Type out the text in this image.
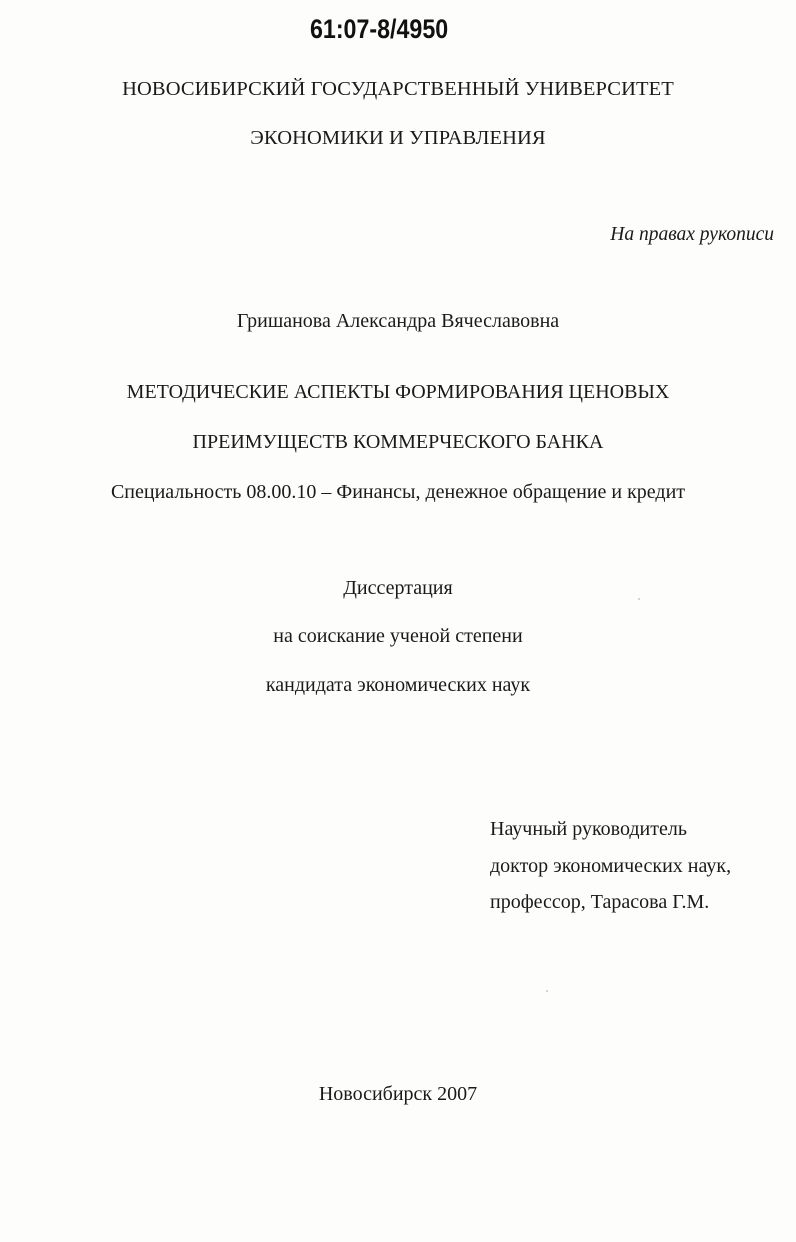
61:07-8/4950
НОВОСИБИРСКИЙ ГОСУДАРСТВЕННЫЙ УНИВЕРСИТЕТ
ЭКОНОМИКИ И УПРАВЛЕНИЯ
На правах рукописи
Гришанова Александра Вячеславовна
МЕТОДИЧЕСКИЕ АСПЕКТЫ ФОРМИРОВАНИЯ ЦЕНОВЫХ
ПРЕИМУЩЕСТВ КОММЕРЧЕСКОГО БАНКА
Специальность 08.00.10 – Финансы, денежное обращение и кредит
Диссертация
на соискание ученой степени
кандидата экономических наук
Научный руководитель
доктор экономических наук,
профессор, Тарасова Г.М.
Новосибирск 2007
